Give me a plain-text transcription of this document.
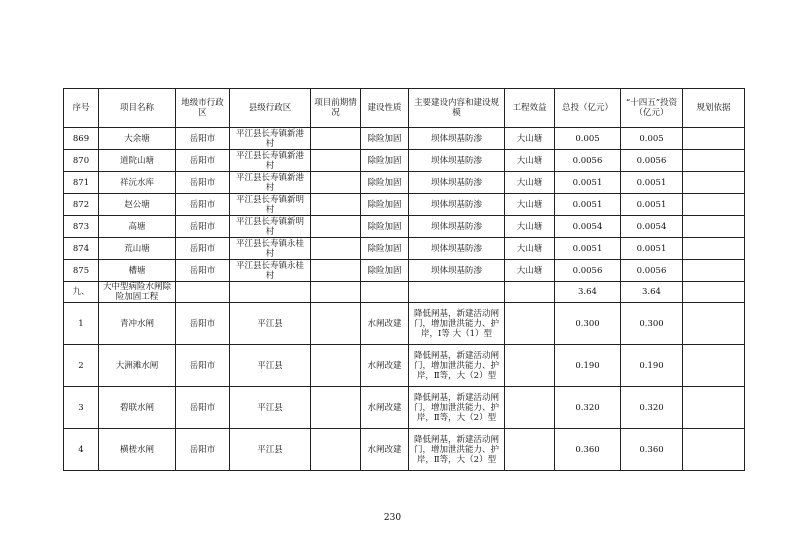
序号	项目名称	地级市行政区	县级行政区	项目前期情况	建设性质	主要建设内容和建设规模	工程效益	总投（亿元）	“十四五”投资（亿元）	规划依据
869	大余塘	岳阳市	平江县长寿镇新港村		除险加固	坝体坝基防渗	大山塘	0.005	0.005	
870	道院山塘	岳阳市	平江县长寿镇新港村		除险加固	坝体坝基防渗	大山塘	0.0056	0.0056	
871	祥沅水库	岳阳市	平江县长寿镇新港村		除险加固	坝体坝基防渗	大山塘	0.0051	0.0051	
872	赵公塘	岳阳市	平江县长寿镇新明村		除险加固	坝体坝基防渗	大山塘	0.0051	0.0051	
873	高塘	岳阳市	平江县长寿镇新明村		除险加固	坝体坝基防渗	大山塘	0.0054	0.0054	
874	荒山塘	岳阳市	平江县长寿镇永桂村		除险加固	坝体坝基防渗	大山塘	0.0051	0.0051	
875	槽塘	岳阳市	平江县长寿镇永桂村		除险加固	坝体坝基防渗	大山塘	0.0056	0.0056	
九、	大中型病险水闸除险加固工程							3.64	3.64	
1	青冲水闸	岳阳市	平江县		水闸改建	降低闸基，新建活动闸门，增加泄洪能力、护岸，Ⅰ等 大（1）型		0.300	0.300	
2	大洲滩水闸	岳阳市	平江县		水闸改建	降低闸基，新建活动闸门，增加泄洪能力、护岸，Ⅱ等，大（2）型		0.190	0.190	
3	碧联水闸	岳阳市	平江县		水闸改建	降低闸基，新建活动闸门，增加泄洪能力、护岸，Ⅱ等，大（2）型		0.320	0.320	
4	横槎水闸	岳阳市	平江县		水闸改建	降低闸基，新建活动闸门，增加泄洪能力、护岸，Ⅱ等，大（2）型		0.360	0.360	
230
